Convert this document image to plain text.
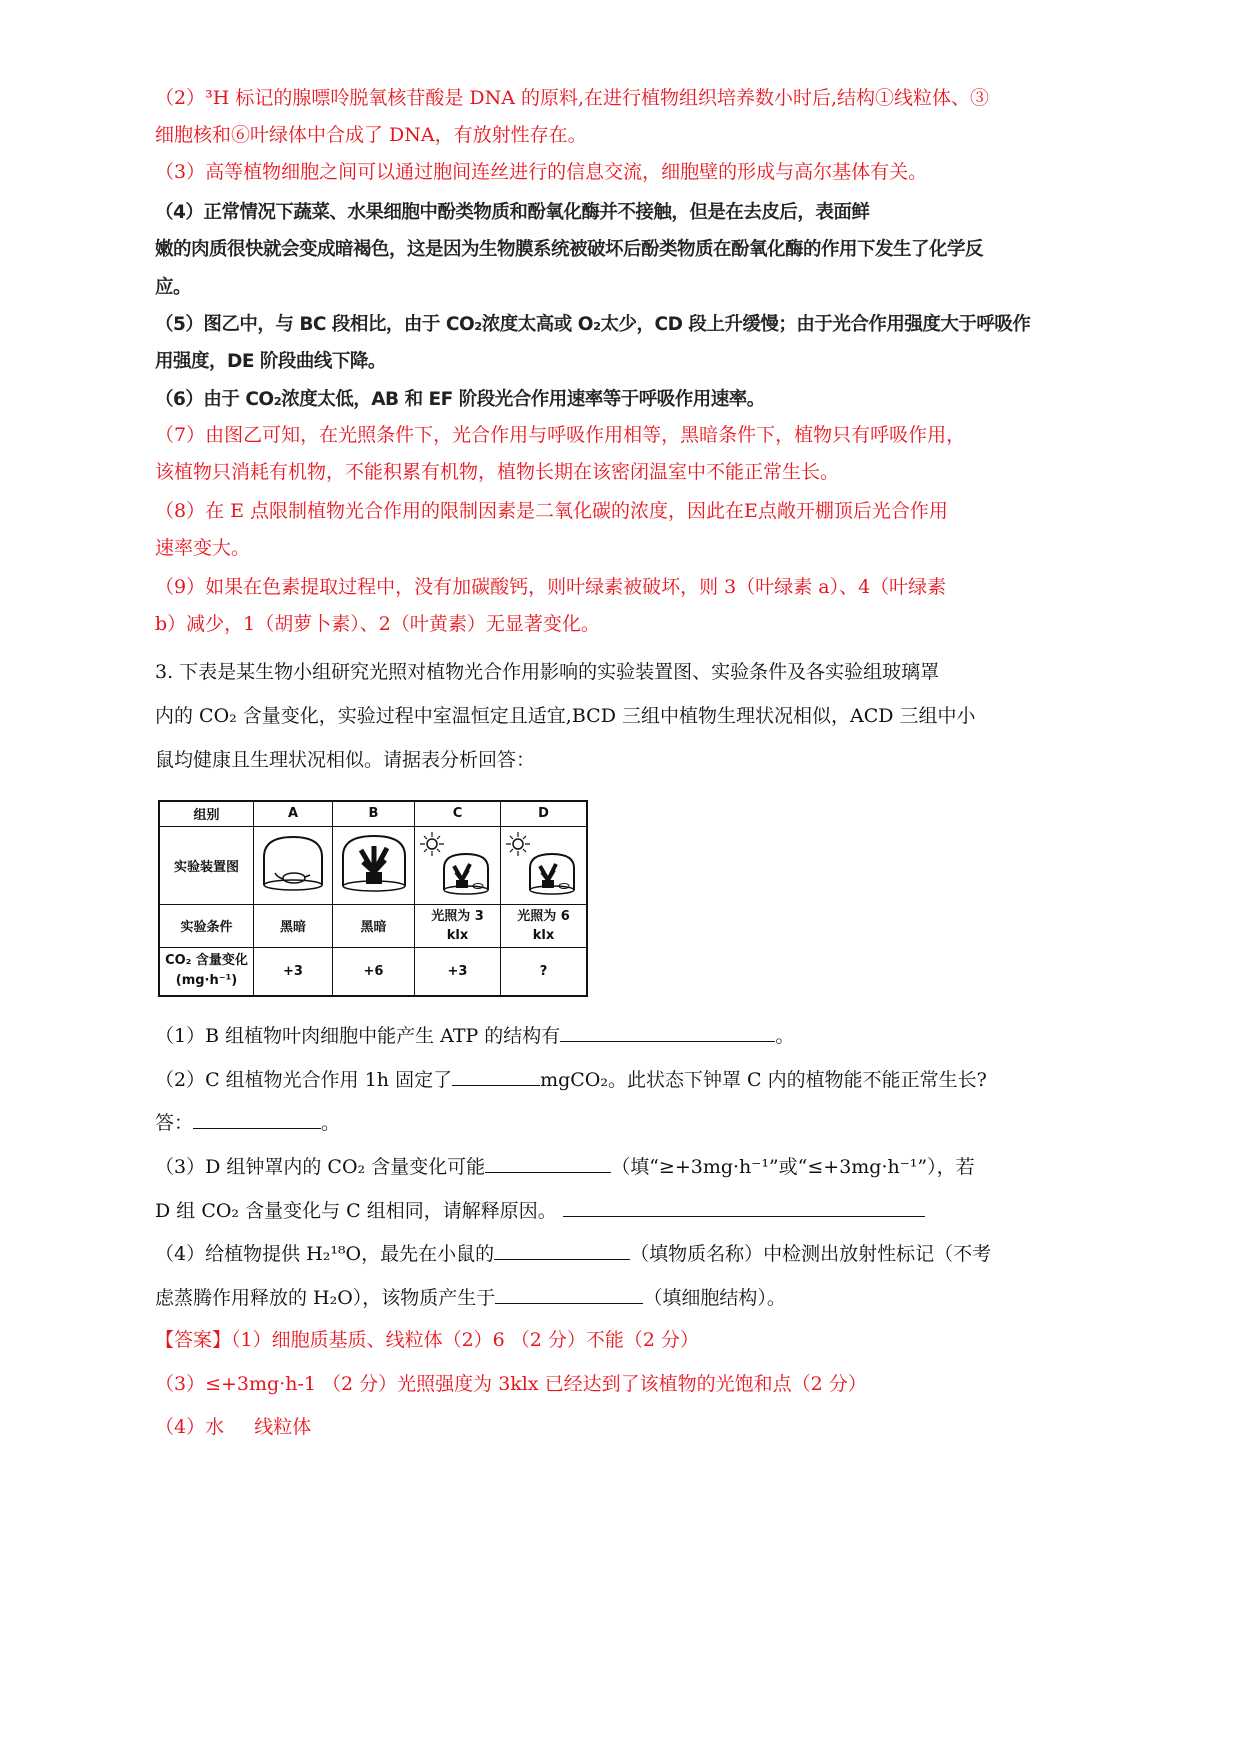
（2）³H 标记的腺嘌呤脱氧核苷酸是 DNA 的原料,在进行植物组织培养数小时后,结构①线粒体、③
细胞核和⑥叶绿体中合成了 DNA，有放射性存在。
（3）高等植物细胞之间可以通过胞间连丝进行的信息交流，细胞壁的形成与高尔基体有关。
（4）正常情况下蔬菜、水果细胞中酚类物质和酚氧化酶并不接触，但是在去皮后，表面鲜
嫩的肉质很快就会变成暗褐色，这是因为生物膜系统被破坏后酚类物质在酚氧化酶的作用下发生了化学反
应。
（5）图乙中，与 BC 段相比，由于 CO₂浓度太高或 O₂太少，CD 段上升缓慢；由于光合作用强度大于呼吸作
用强度，DE 阶段曲线下降。
（6）由于 CO₂浓度太低，AB 和 EF 阶段光合作用速率等于呼吸作用速率。
（7）由图乙可知，在光照条件下，光合作用与呼吸作用相等，黑暗条件下，植物只有呼吸作用，
该植物只消耗有机物，不能积累有机物，植物长期在该密闭温室中不能正常生长。
（8）在 E 点限制植物光合作用的限制因素是二氧化碳的浓度，因此在E点敞开棚顶后光合作用
速率变大。
（9）如果在色素提取过程中，没有加碳酸钙，则叶绿素被破坏，则 3（叶绿素 a）、4（叶绿素
b）减少，1（胡萝卜素）、2（叶黄素）无显著变化。
3. 下表是某生物小组研究光照对植物光合作用影响的实验装置图、实验条件及各实验组玻璃罩
内的 CO₂ 含量变化，实验过程中室温恒定且适宜,BCD 三组中植物生理状况相似，ACD 三组中小
鼠均健康且生理状况相似。请据表分析回答：
组别	A	B	C	D
实验装置图				
实验条件	黑暗	黑暗	光照为 3 klx	光照为 6 klx
CO₂ 含量变化(mg·h⁻¹)	+3	+6	+3	?
（1）B 组植物叶肉细胞中能产生 ATP 的结构有	。
（2）C 组植物光合作用 1h 固定了	mgCO₂。此状态下钟罩 C 内的植物能不能正常生长?
答：	。
（3）D 组钟罩内的 CO₂ 含量变化可能	（填“≥+3mg·h⁻¹”或“≤+3mg·h⁻¹”），若
D 组 CO₂ 含量变化与 C 组相同，请解释原因。
（4）给植物提供 H₂¹⁸O，最先在小鼠的	（填物质名称）中检测出放射性标记（不考
虑蒸腾作用释放的 H₂O），该物质产生于	（填细胞结构）。
【答案】（1）细胞质基质、线粒体（2）6 （2 分）不能（2 分）
（3）≤+3mg·h-1 （2 分）光照强度为 3klx 已经达到了该植物的光饱和点（2 分）
（4）水     线粒体
